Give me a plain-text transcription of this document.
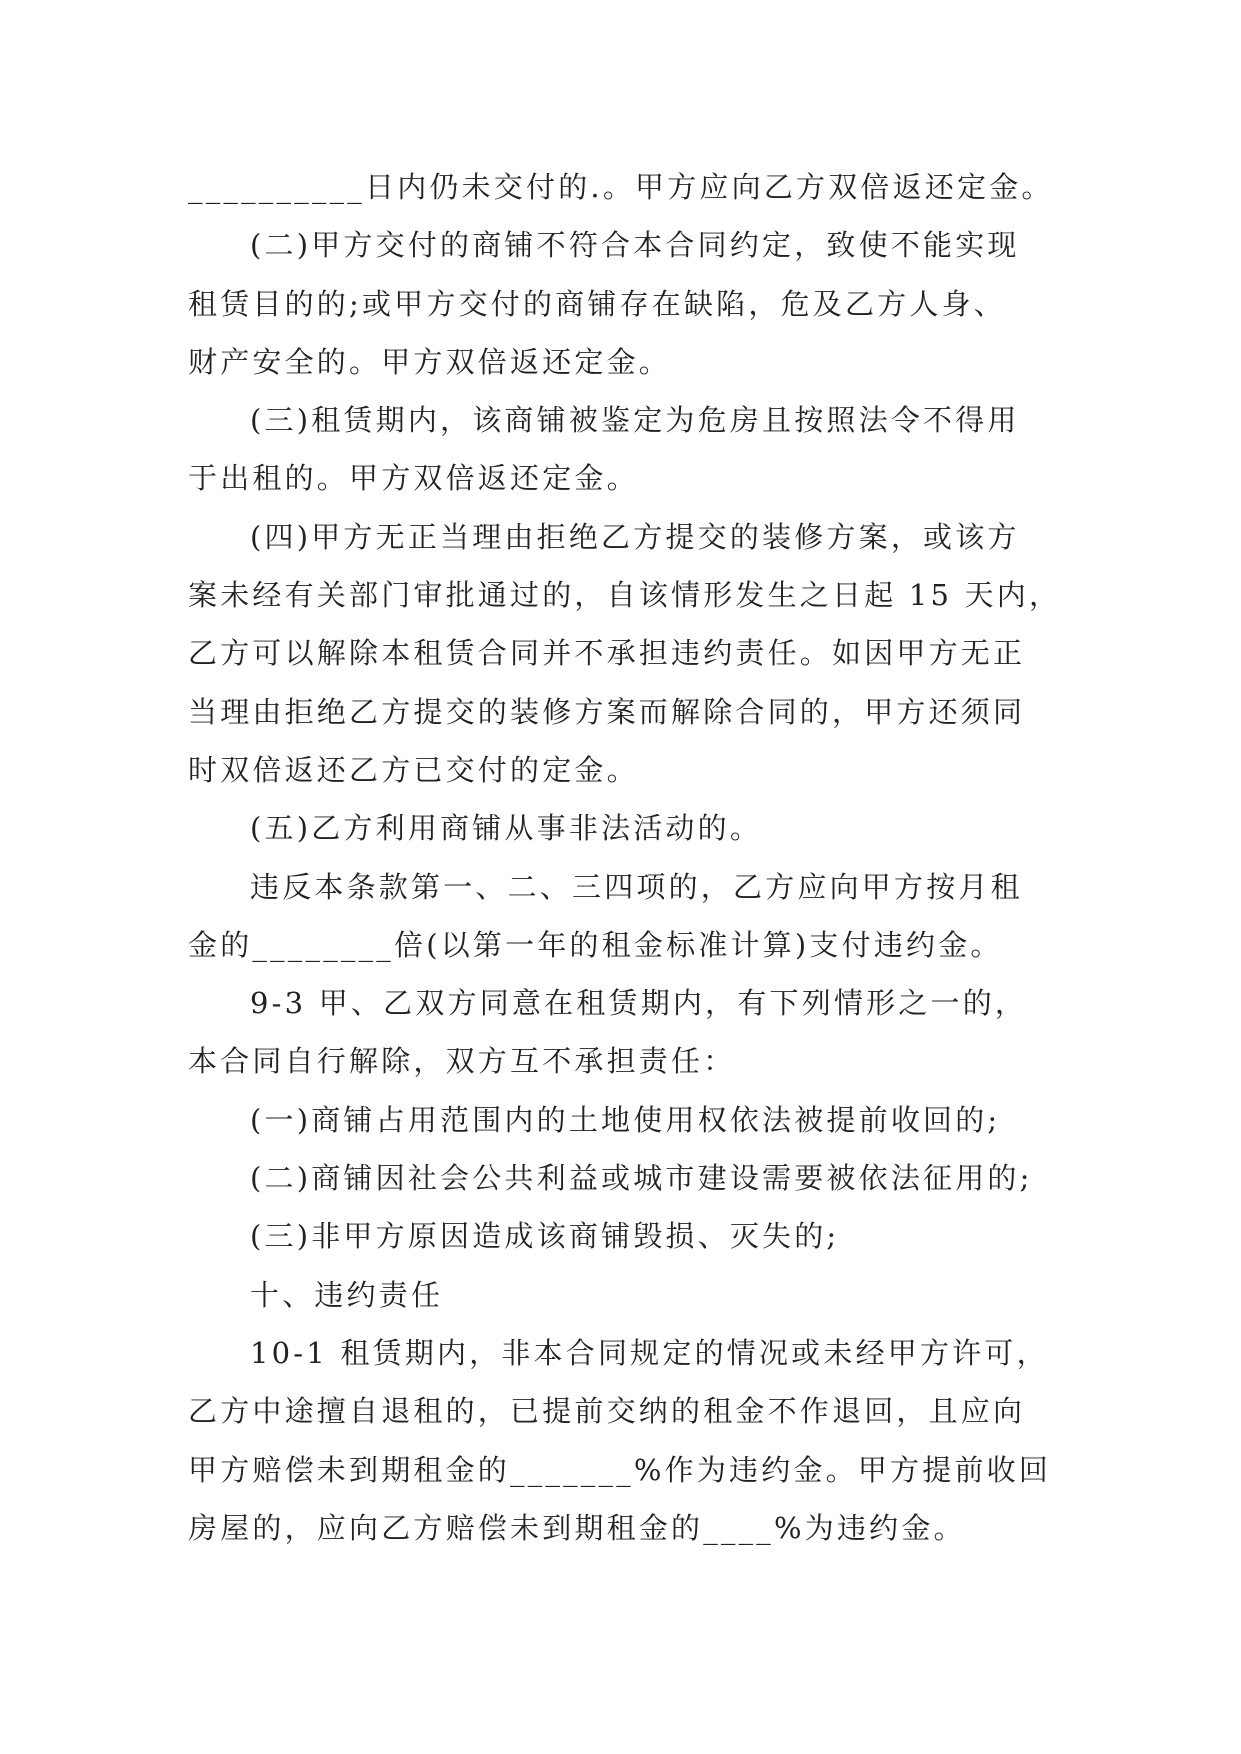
__________日内仍未交付的.。甲方应向乙方双倍返还定金。
(二)甲方交付的商铺不符合本合同约定，致使不能实现
租赁目的的;或甲方交付的商铺存在缺陷，危及乙方人身、
财产安全的。甲方双倍返还定金。
(三)租赁期内，该商铺被鉴定为危房且按照法令不得用
于出租的。甲方双倍返还定金。
(四)甲方无正当理由拒绝乙方提交的装修方案，或该方
案未经有关部门审批通过的，自该情形发生之日起 15 天内，
乙方可以解除本租赁合同并不承担违约责任。如因甲方无正
当理由拒绝乙方提交的装修方案而解除合同的，甲方还须同
时双倍返还乙方已交付的定金。
(五)乙方利用商铺从事非法活动的。
违反本条款第一、二、三四项的，乙方应向甲方按月租
金的________倍(以第一年的租金标准计算)支付违约金。
9-3 甲、乙双方同意在租赁期内，有下列情形之一的，
本合同自行解除，双方互不承担责任：
(一)商铺占用范围内的土地使用权依法被提前收回的;
(二)商铺因社会公共利益或城市建设需要被依法征用的;
(三)非甲方原因造成该商铺毁损、灭失的;
十、违约责任
10-1 租赁期内，非本合同规定的情况或未经甲方许可，
乙方中途擅自退租的，已提前交纳的租金不作退回，且应向
甲方赔偿未到期租金的_______%作为违约金。甲方提前收回
房屋的，应向乙方赔偿未到期租金的____%为违约金。
